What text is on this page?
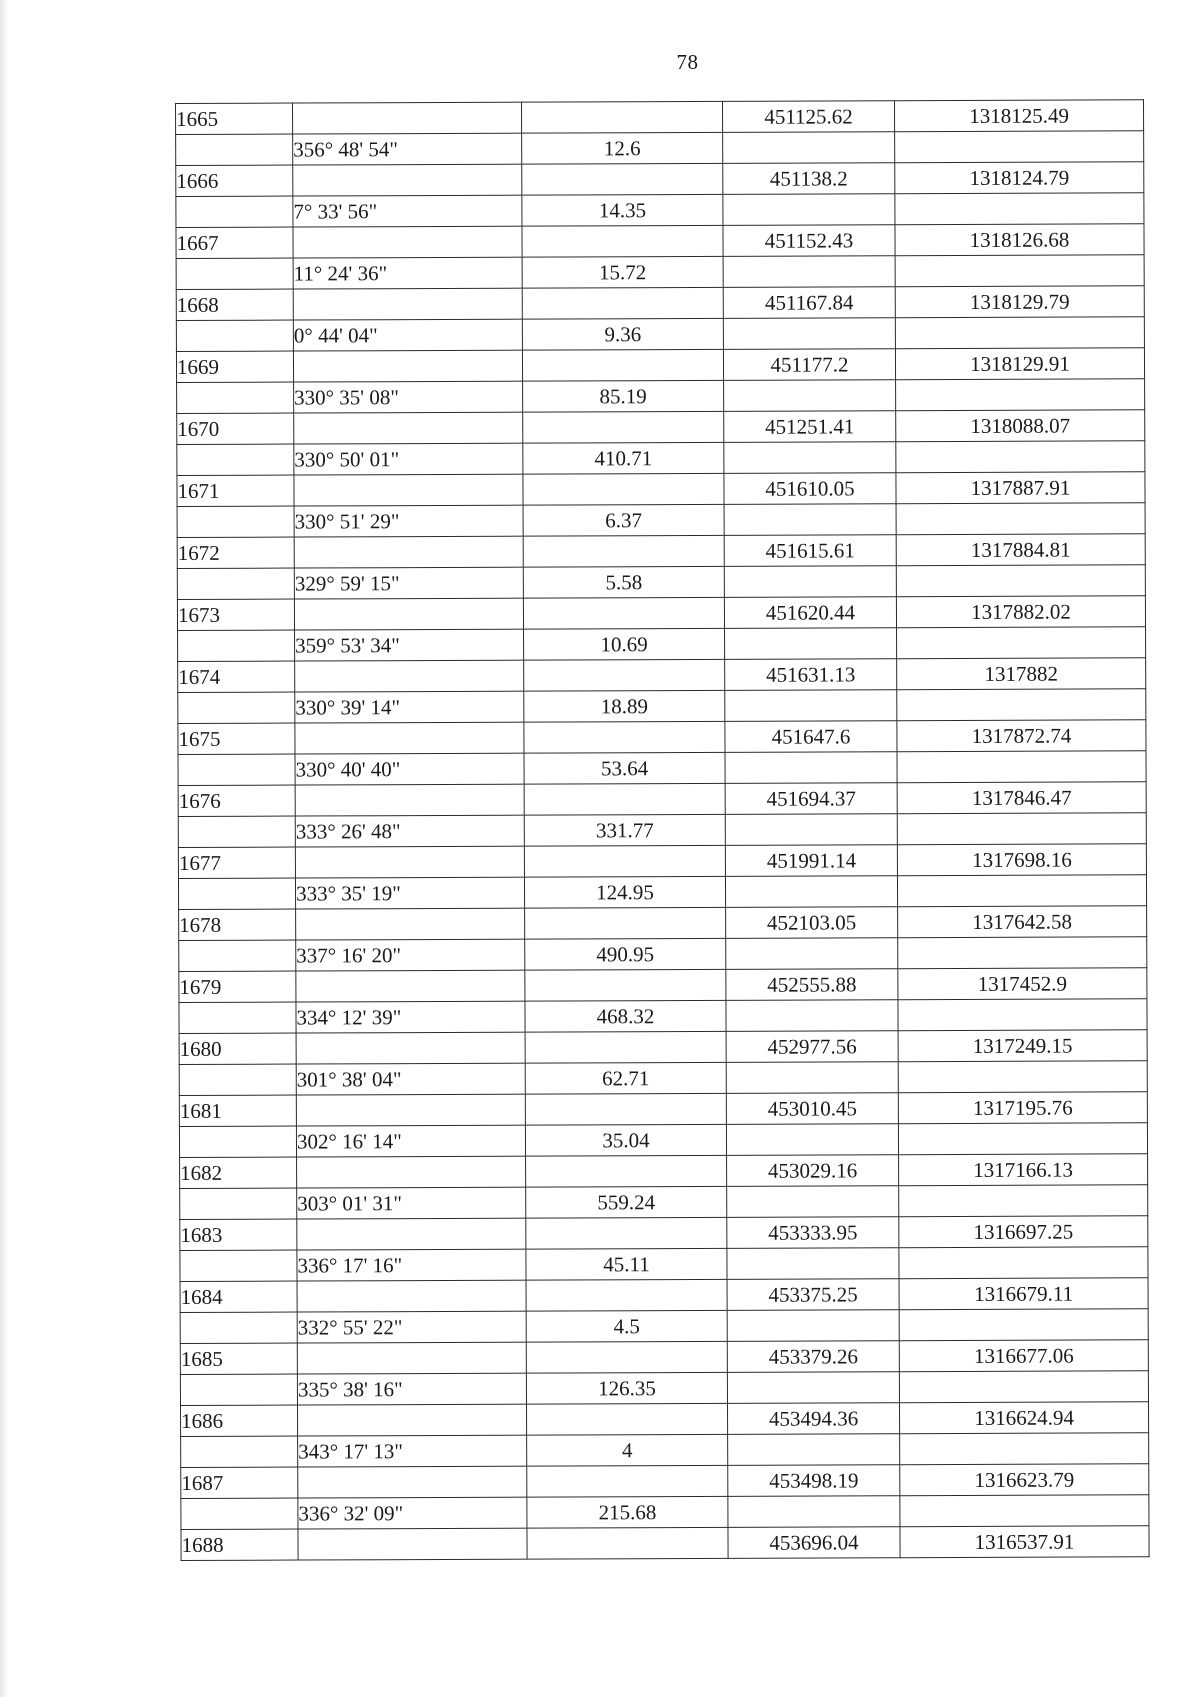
78
1665			451125.62	1318125.49
	356° 48' 54"	12.6		
1666			451138.2	1318124.79
	7° 33' 56"	14.35		
1667			451152.43	1318126.68
	11° 24' 36"	15.72		
1668			451167.84	1318129.79
	0° 44' 04"	9.36		
1669			451177.2	1318129.91
	330° 35' 08"	85.19		
1670			451251.41	1318088.07
	330° 50' 01"	410.71		
1671			451610.05	1317887.91
	330° 51' 29"	6.37		
1672			451615.61	1317884.81
	329° 59' 15"	5.58		
1673			451620.44	1317882.02
	359° 53' 34"	10.69		
1674			451631.13	1317882
	330° 39' 14"	18.89		
1675			451647.6	1317872.74
	330° 40' 40"	53.64		
1676			451694.37	1317846.47
	333° 26' 48"	331.77		
1677			451991.14	1317698.16
	333° 35' 19"	124.95		
1678			452103.05	1317642.58
	337° 16' 20"	490.95		
1679			452555.88	1317452.9
	334° 12' 39"	468.32		
1680			452977.56	1317249.15
	301° 38' 04"	62.71		
1681			453010.45	1317195.76
	302° 16' 14"	35.04		
1682			453029.16	1317166.13
	303° 01' 31"	559.24		
1683			453333.95	1316697.25
	336° 17' 16"	45.11		
1684			453375.25	1316679.11
	332° 55' 22"	4.5		
1685			453379.26	1316677.06
	335° 38' 16"	126.35		
1686			453494.36	1316624.94
	343° 17' 13"	4		
1687			453498.19	1316623.79
	336° 32' 09"	215.68		
1688			453696.04	1316537.91
